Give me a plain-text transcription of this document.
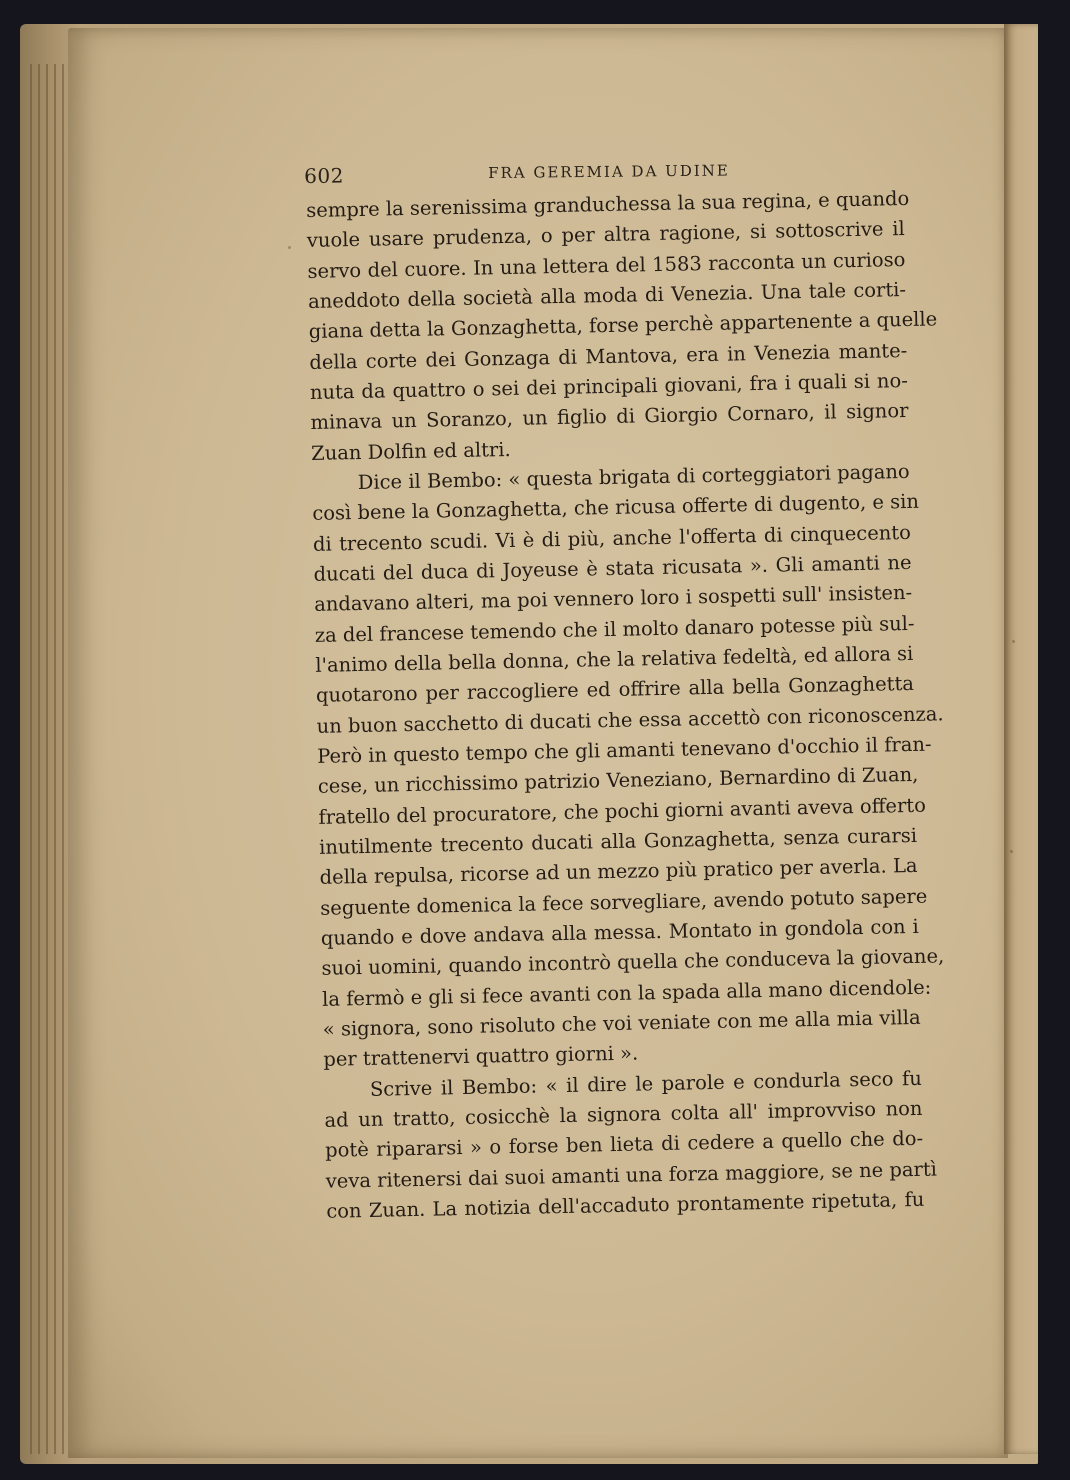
602	FRA GEREMIA DA UDINE
sempre la serenissima granduchessa la sua regina, e quando
vuole usare prudenza, o per altra ragione, si sottoscrive il
servo del cuore. In una lettera del 1583 racconta un curioso
aneddoto della società alla moda di Venezia. Una tale corti-
giana detta la Gonzaghetta, forse perchè appartenente a quelle
della corte dei Gonzaga di Mantova, era in Venezia mante-
nuta da quattro o sei dei principali giovani, fra i quali si no-
minava un Soranzo, un figlio di Giorgio Cornaro, il signor
Zuan Dolfin ed altri.
Dice il Bembo: « questa brigata di corteggiatori pagano
così bene la Gonzaghetta, che ricusa offerte di dugento, e sin
di trecento scudi. Vi è di più, anche l'offerta di cinquecento
ducati del duca di Joyeuse è stata ricusata ». Gli amanti ne
andavano alteri, ma poi vennero loro i sospetti sull' insisten-
za del francese temendo che il molto danaro potesse più sul-
l'animo della bella donna, che la relativa fedeltà, ed allora si
quotarono per raccogliere ed offrire alla bella Gonzaghetta
un buon sacchetto di ducati che essa accettò con riconoscenza.
Però in questo tempo che gli amanti tenevano d'occhio il fran-
cese, un ricchissimo patrizio Veneziano, Bernardino di Zuan,
fratello del procuratore, che pochi giorni avanti aveva offerto
inutilmente trecento ducati alla Gonzaghetta, senza curarsi
della repulsa, ricorse ad un mezzo più pratico per averla. La
seguente domenica la fece sorvegliare, avendo potuto sapere
quando e dove andava alla messa. Montato in gondola con i
suoi uomini, quando incontrò quella che conduceva la giovane,
la fermò e gli si fece avanti con la spada alla mano dicendole:
« signora, sono risoluto che voi veniate con me alla mia villa
per trattenervi quattro giorni ».
Scrive il Bembo: « il dire le parole e condurla seco fu
ad un tratto, cosicchè la signora colta all' improvviso non
potè ripararsi » o forse ben lieta di cedere a quello che do-
veva ritenersi dai suoi amanti una forza maggiore, se ne partì
con Zuan. La notizia dell'accaduto prontamente ripetuta, fu
